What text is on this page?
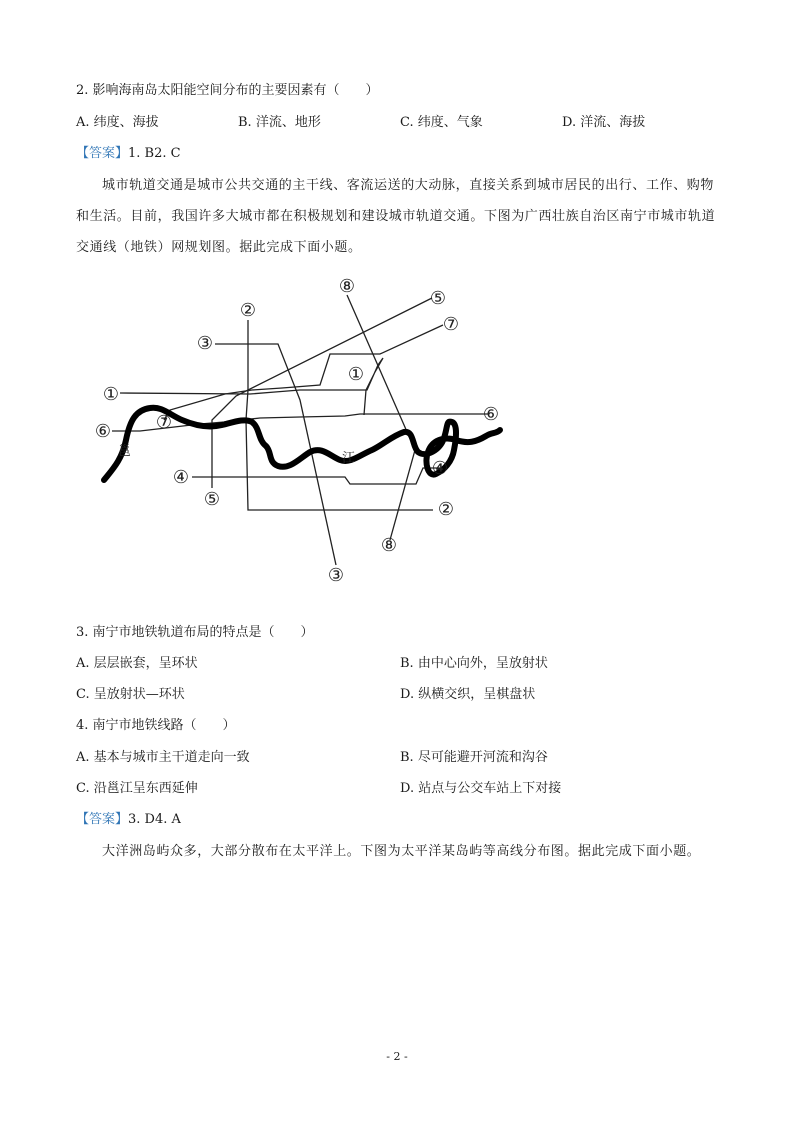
2. 影响海南岛太阳能空间分布的主要因素有（　　）
A. 纬度、海拔	B. 洋流、地形	C. 纬度、气象	D. 洋流、海拔
【答案】1. B2. C
城市轨道交通是城市公共交通的主干线、客流运送的大动脉，直接关系到城市居民的出行、工作、购物和生活。目前，我国许多大城市都在积极规划和建设城市轨道交通。下图为广西壮族自治区南宁市城市轨道交通线（地铁）网规划图。据此完成下面小题。
邕	江
①
①
②
②
③
③
④	④
⑤
⑤
⑥
⑥
⑦
⑦
⑧
⑧
3. 南宁市地铁轨道布局的特点是（　　）
A. 层层嵌套，呈环状	B. 由中心向外，呈放射状
C. 呈放射状—环状	D. 纵横交织，呈棋盘状
4. 南宁市地铁线路（　　）
A. 基本与城市主干道走向一致	B. 尽可能避开河流和沟谷
C. 沿邕江呈东西延伸	D. 站点与公交车站上下对接
【答案】3. D4. A
大洋洲岛屿众多，大部分散布在太平洋上。下图为太平洋某岛屿等高线分布图。据此完成下面小题。
- 2 -
